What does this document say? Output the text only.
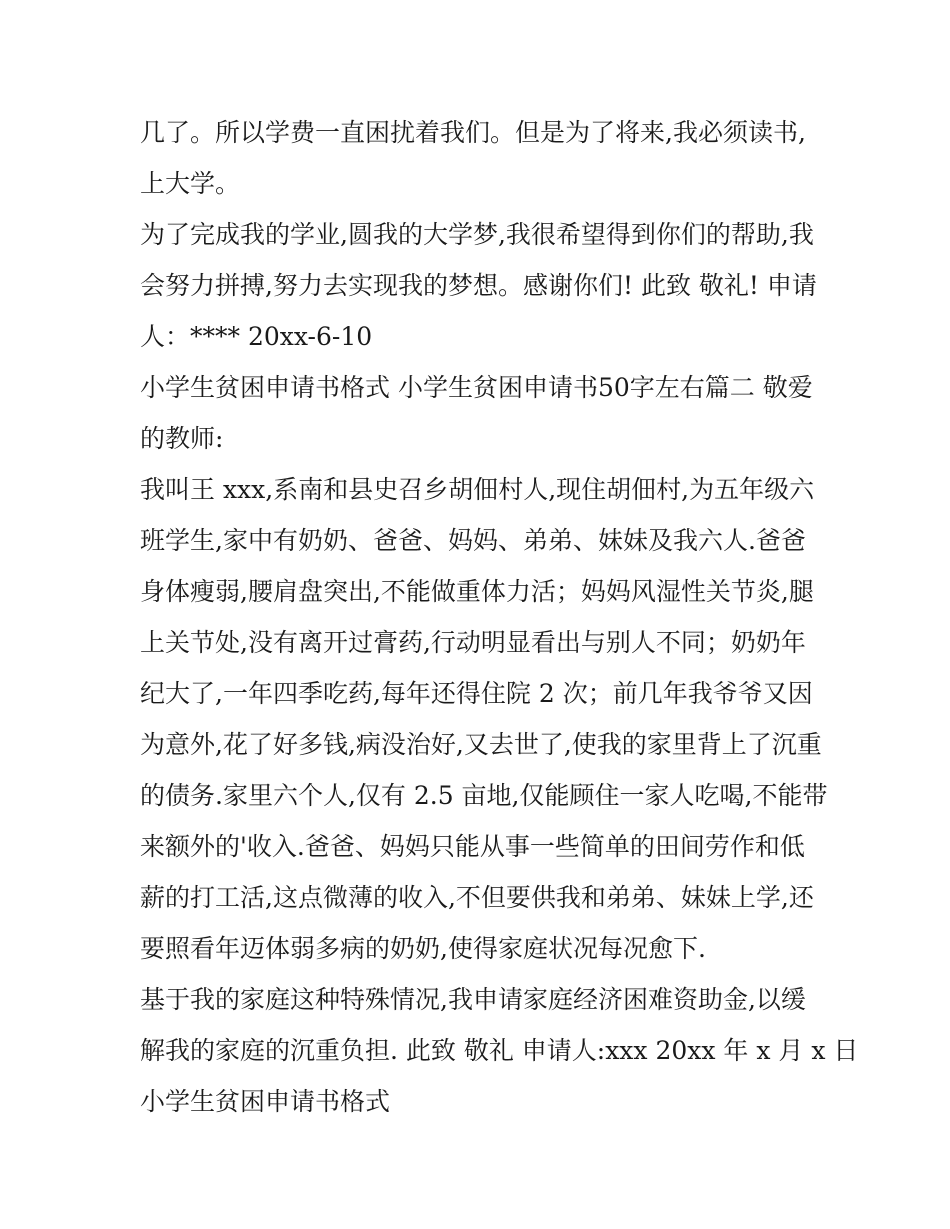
几了。所以学费一直困扰着我们。但是为了将来,我必须读书,
上大学。
为了完成我的学业,圆我的大学梦,我很希望得到你们的帮助,我
会努力拼搏,努力去实现我的梦想。感谢你们! 此致 敬礼! 申请
人：**** 20xx-6-10
小学生贫困申请书格式 小学生贫困申请书50字左右篇二 敬爱
的教师:
我叫王 xxx,系南和县史召乡胡佃村人,现住胡佃村,为五年级六
班学生,家中有奶奶、爸爸、妈妈、弟弟、妹妹及我六人.爸爸
身体瘦弱,腰肩盘突出,不能做重体力活；妈妈风湿性关节炎,腿
上关节处,没有离开过膏药,行动明显看出与别人不同；奶奶年
纪大了,一年四季吃药,每年还得住院 2 次；前几年我爷爷又因
为意外,花了好多钱,病没治好,又去世了,使我的家里背上了沉重
的债务.家里六个人,仅有 2.5 亩地,仅能顾住一家人吃喝,不能带
来额外的'收入.爸爸、妈妈只能从事一些简单的田间劳作和低
薪的打工活,这点微薄的收入,不但要供我和弟弟、妹妹上学,还
要照看年迈体弱多病的奶奶,使得家庭状况每况愈下.
基于我的家庭这种特殊情况,我申请家庭经济困难资助金,以缓
解我的家庭的沉重负担. 此致 敬礼 申请人:xxx 20xx 年 x 月 x 日
小学生贫困申请书格式
